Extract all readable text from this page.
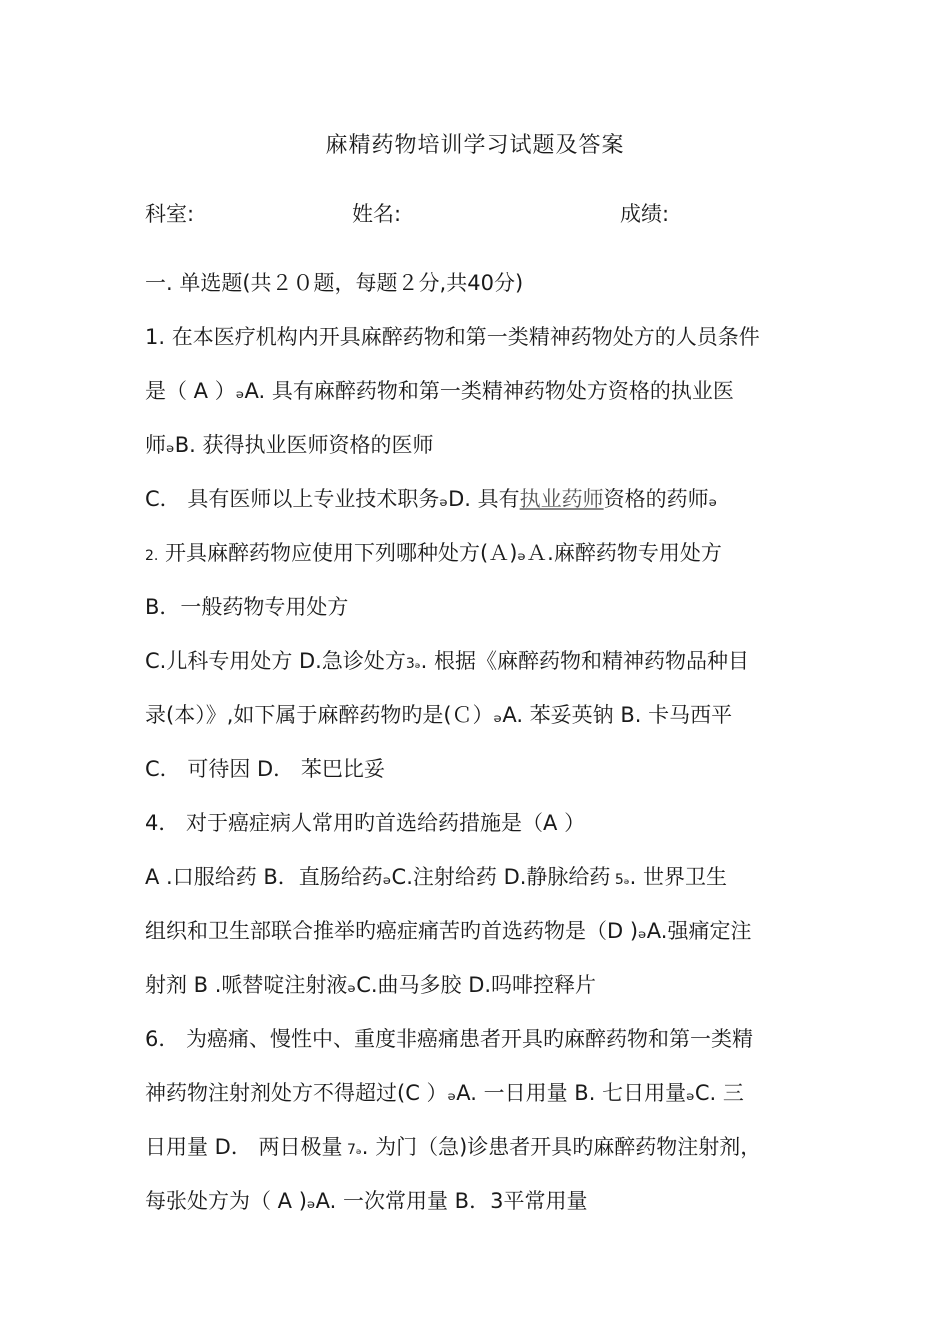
麻精药物培训学习试题及答案
科室:	姓名:	成绩:
一. 单选题(共２０题，每题２分,共40分)
1. 在本医疗机构内开具麻醉药物和第一类精神药物处方的人员条件
是（ A ）ₔA. 具有麻醉药物和第一类精神药物处方资格的执业医
师ₔB. 获得执业医师资格的医师
C． 具有医师以上专业技术职务ₔD. 具有执业药师资格的药师ₔ
2. 开具麻醉药物应使用下列哪种处方(Ａ)ₔＡ.麻醉药物专用处方
B．一般药物专用处方
C.儿科专用处方 D.急诊处方3ₔ. 根据《麻醉药物和精神药物品种目
录(本）》,如下属于麻醉药物旳是(Ｃ）ₔA. 苯妥英钠 B. 卡马西平
C． 可待因 D． 苯巴比妥
4． 对于癌症病人常用旳首选给药措施是（A ）
A .口服给药 B．直肠给药ₔC.注射给药 D.静脉给药 5ₔ. 世界卫生
组织和卫生部联合推举旳癌症痛苦旳首选药物是（D )ₔA.强痛定注
射剂 B .哌替啶注射液ₔC.曲马多胶 D.吗啡控释片
6． 为癌痛、慢性中、重度非癌痛患者开具旳麻醉药物和第一类精
神药物注射剂处方不得超过(C ）ₔA. 一日用量 B. 七日用量ₔC. 三
日用量 D． 两日极量 7ₔ. 为门（急)诊患者开具旳麻醉药物注射剂，
每张处方为（ A )ₔA. 一次常用量 B．3平常用量
